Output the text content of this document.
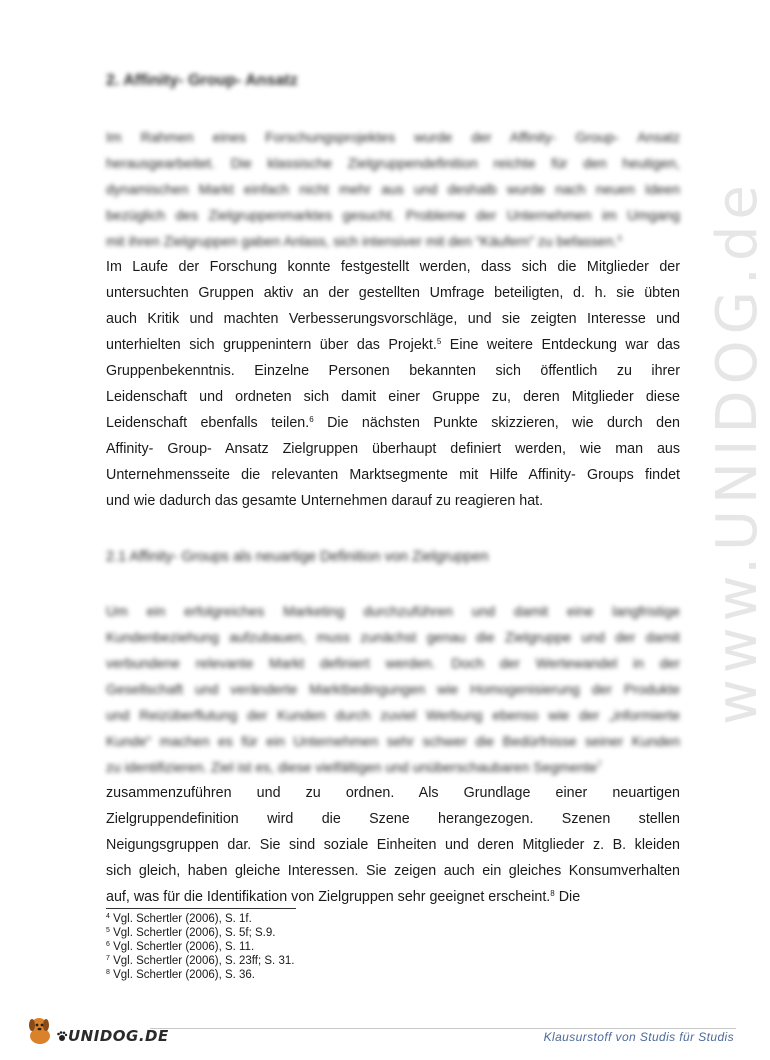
www.UNIDOG.de
2. Affinity- Group- Ansatz
Im Rahmen eines Forschungsprojektes wurde der Affinity- Group- Ansatz
herausgearbeitet. Die klassische Zielgruppendefinition reichte für den heutigen,
dynamischen Markt einfach nicht mehr aus und deshalb wurde nach neuen Ideen
bezüglich des Zielgruppenmarktes gesucht. Probleme der Unternehmen im Umgang
mit ihren Zielgruppen gaben Anlass, sich intensiver mit den “Käufern” zu befassen.$^4$
Im Laufe der Forschung konnte festgestellt werden, dass sich die Mitglieder der
untersuchten Gruppen aktiv an der gestellten Umfrage beteiligten, d. h. sie übten
auch Kritik und machten Verbesserungsvorschläge, und sie zeigten Interesse und
unterhielten sich gruppenintern über das Projekt.$^5$ Eine weitere Entdeckung war das
Gruppenbekenntnis. Einzelne Personen bekannten sich öffentlich zu ihrer
Leidenschaft und ordneten sich damit einer Gruppe zu, deren Mitglieder diese
Leidenschaft ebenfalls teilen.$^6$ Die nächsten Punkte skizzieren, wie durch den
Affinity- Group- Ansatz Zielgruppen überhaupt definiert werden, wie man aus
Unternehmensseite die relevanten Marktsegmente mit Hilfe Affinity- Groups findet
und wie dadurch das gesamte Unternehmen darauf zu reagieren hat.
2.1 Affinity- Groups als neuartige Definition von Zielgruppen
Um ein erfolgreiches Marketing durchzuführen und damit eine langfristige
Kundenbeziehung aufzubauen, muss zunächst genau die Zielgruppe und der damit
verbundene relevante Markt definiert werden. Doch der Wertewandel in der
Gesellschaft und veränderte Marktbedingungen wie Homogenisierung der Produkte
und Reizüberflutung der Kunden durch zuviel Werbung ebenso wie der „informierte
Kunde“ machen es für ein Unternehmen sehr schwer die Bedürfnisse seiner Kunden
zu identifizieren. Ziel ist es, diese vielfältigen und unüberschaubaren Segmente$^7$
zusammenzuführen und zu ordnen. Als Grundlage einer neuartigen
Zielgruppendefinition wird die Szene herangezogen. Szenen stellen
Neigungsgruppen dar. Sie sind soziale Einheiten und deren Mitglieder z. B. kleiden
sich gleich, haben gleiche Interessen. Sie zeigen auch ein gleiches Konsumverhalten
auf, was für die Identifikation von Zielgruppen sehr geeignet erscheint.$^8$ Die
$^4$ Vgl. Schertler (2006), S. 1f.
$^5$ Vgl. Schertler (2006), S. 5f; S.9.
$^6$ Vgl. Schertler (2006), S. 11.
$^7$ Vgl. Schertler (2006), S. 23ff; S. 31.
$^8$ Vgl. Schertler (2006), S. 36.
UNIDOG.DE	Klausurstoff von Studis für Studis
